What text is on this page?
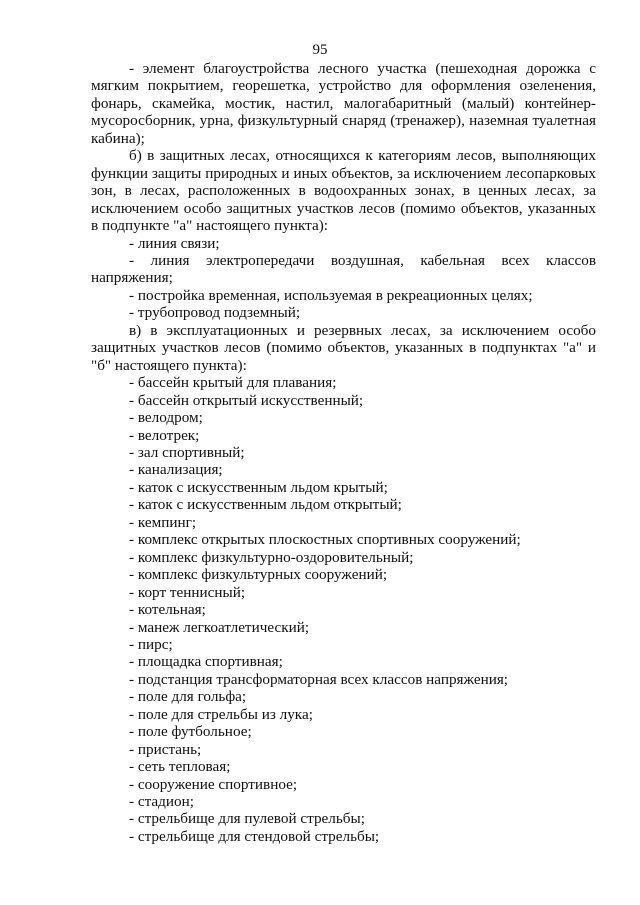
95

- элемент благоустройства лесного участка (пешеходная дорожка с мягким покрытием, георешетка, устройство для оформления озеленения, фонарь, скамейка, мостик, настил, малогабаритный (малый) контейнер-мусоросборник, урна, физкультурный снаряд (тренажер), наземная туалетная кабина);

б) в защитных лесах, относящихся к категориям лесов, выполняющих функции защиты природных и иных объектов, за исключением лесопарковых зон, в лесах, расположенных в водоохранных зонах, в ценных лесах, за исключением особо защитных участков лесов (помимо объектов, указанных в подпункте "а" настоящего пункта):

- линия связи;

- линия электропередачи воздушная, кабельная всех классов напряжения;

- постройка временная, используемая в рекреационных целях;

- трубопровод подземный;

в) в эксплуатационных и резервных лесах, за исключением особо защитных участков лесов (помимо объектов, указанных в подпунктах "а" и "б" настоящего пункта):

- бассейн крытый для плавания;

- бассейн открытый искусственный;

- велодром;

- велотрек;

- зал спортивный;

- канализация;

- каток с искусственным льдом крытый;

- каток с искусственным льдом открытый;

- кемпинг;

- комплекс открытых плоскостных спортивных сооружений;

- комплекс физкультурно-оздоровительный;

- комплекс физкультурных сооружений;

- корт теннисный;

- котельная;

- манеж легкоатлетический;

- пирс;

- площадка спортивная;

- подстанция трансформаторная всех классов напряжения;

- поле для гольфа;

- поле для стрельбы из лука;

- поле футбольное;

- пристань;

- сеть тепловая;

- сооружение спортивное;

- стадион;

- стрельбище для пулевой стрельбы;

- стрельбище для стендовой стрельбы;
